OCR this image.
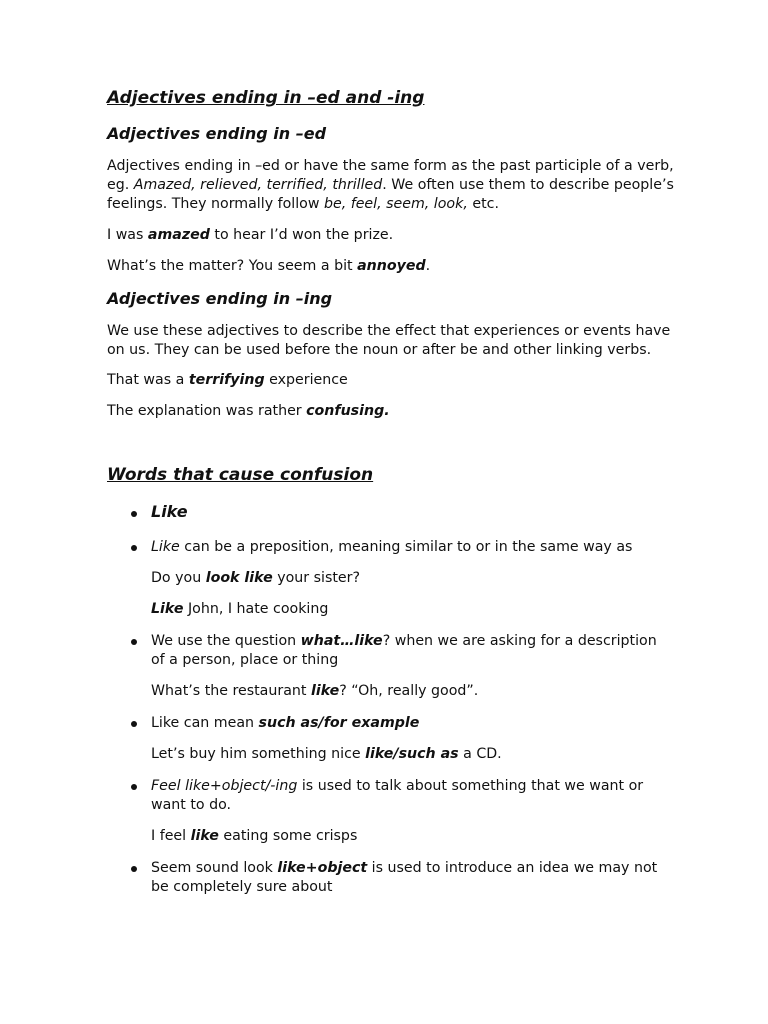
Adjectives ending in –ed and -ing
Adjectives ending in –ed
Adjectives ending in –ed or have the same form as the past participle of a verb,
eg. Amazed, relieved, terrified, thrilled. We often use them to describe people’s
feelings. They normally follow be, feel, seem, look, etc.
I was amazed to hear I’d won the prize.
What’s the matter? You seem a bit annoyed.
Adjectives ending in –ing
We use these adjectives to describe the effect that experiences or events have
on us. They can be used before the noun or after be and other linking verbs.
That was a terrifying experience
The explanation was rather confusing.
Words that cause confusion
Like
Like can be a preposition, meaning similar to or in the same way as
Do you look like your sister?
Like John, I hate cooking
We use the question what…like? when we are asking for a description
of a person, place or thing
What’s the restaurant like? “Oh, really good”.
Like can mean such as/for example
Let’s buy him something nice like/such as a CD.
Feel like+object/-ing is used to talk about something that we want or
want to do.
I feel like eating some crisps
Seem sound look like+object is used to introduce an idea we may not
be completely sure about
